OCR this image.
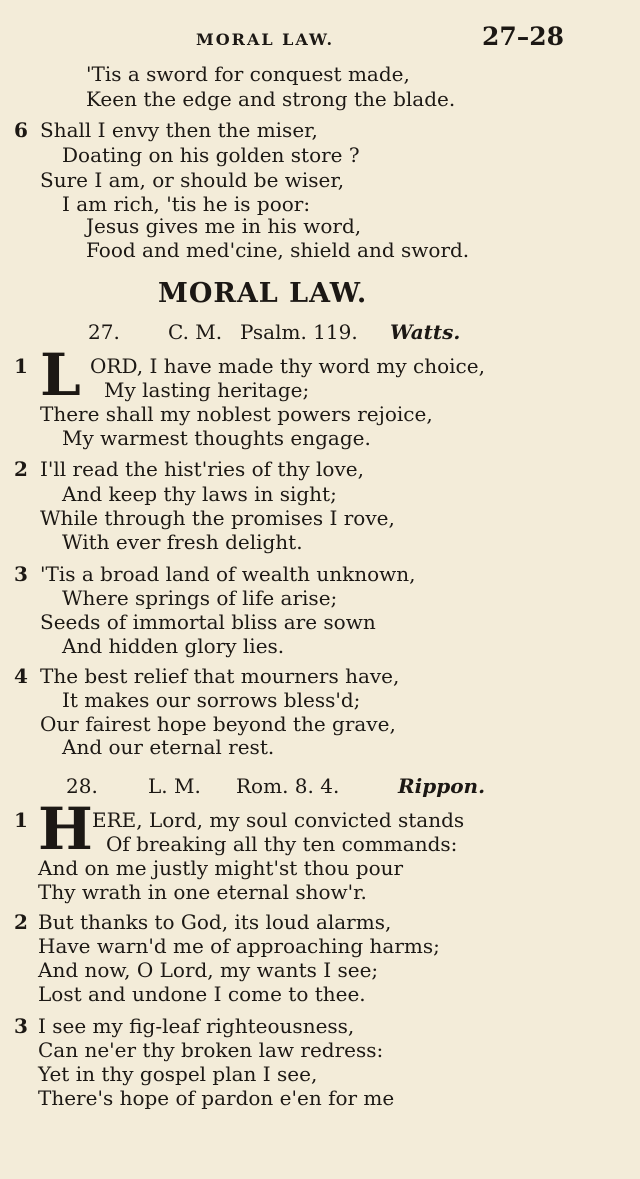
MORAL LAW.	27–28
'Tis a sword for conquest made,
Keen the edge and strong the blade.
6 Shall I envy then the miser,
Doating on his golden store ?
Sure I am, or should be wiser,
I am rich, 'tis he is poor:
Jesus gives me in his word,
Food and med'cine, shield and sword.
MORAL LAW.
27. C. M. Psalm. 119. Watts.
1 L ORD, I have made thy word my choice,
My lasting heritage;
There shall my noblest powers rejoice,
My warmest thoughts engage.
2 I'll read the hist'ries of thy love,
And keep thy laws in sight;
While through the promises I rove,
With ever fresh delight.
3 'Tis a broad land of wealth unknown,
Where springs of life arise;
Seeds of immortal bliss are sown
And hidden glory lies.
4 The best relief that mourners have,
It makes our sorrows bless'd;
Our fairest hope beyond the grave,
And our eternal rest.
28.	L. M. Rom. 8. 4.	Rippon.
1 H ERE, Lord, my soul convicted stands
Of breaking all thy ten commands:
And on me justly might'st thou pour
Thy wrath in one eternal show'r.
2 But thanks to God, its loud alarms,
Have warn'd me of approaching harms;
And now, O Lord, my wants I see;
Lost and undone I come to thee.
3 I see my fig-leaf righteousness,
Can ne'er thy broken law redress:
Yet in thy gospel plan I see,
There's hope of pardon e'en for me
